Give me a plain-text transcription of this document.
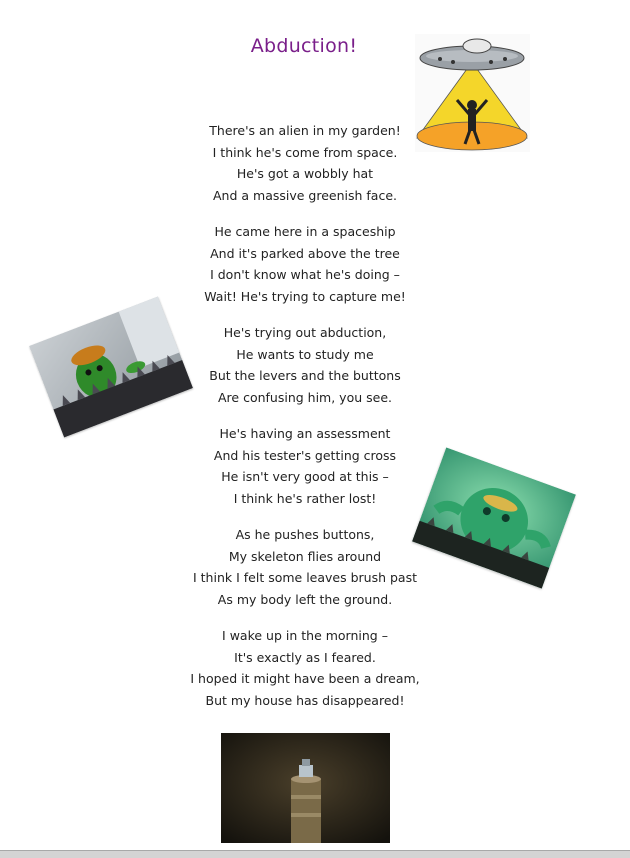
Abduction!
There's an alien in my garden!
I think he's come from space.
He's got a wobbly hat
And a massive greenish face.
He came here in a spaceship
And it's parked above the tree
I don't know what he's doing –
Wait! He's trying to capture me!
He's trying out abduction,
He wants to study me
But the levers and the buttons
Are confusing him, you see.
He's having an assessment
And his tester's getting cross
He isn't very good at this –
I think he's rather lost!
As he pushes buttons,
My skeleton flies around
I think I felt some leaves brush past
As my body left the ground.
I wake up in the morning –
It's exactly as I feared.
I hoped it might have been a dream,
But my house has disappeared!
